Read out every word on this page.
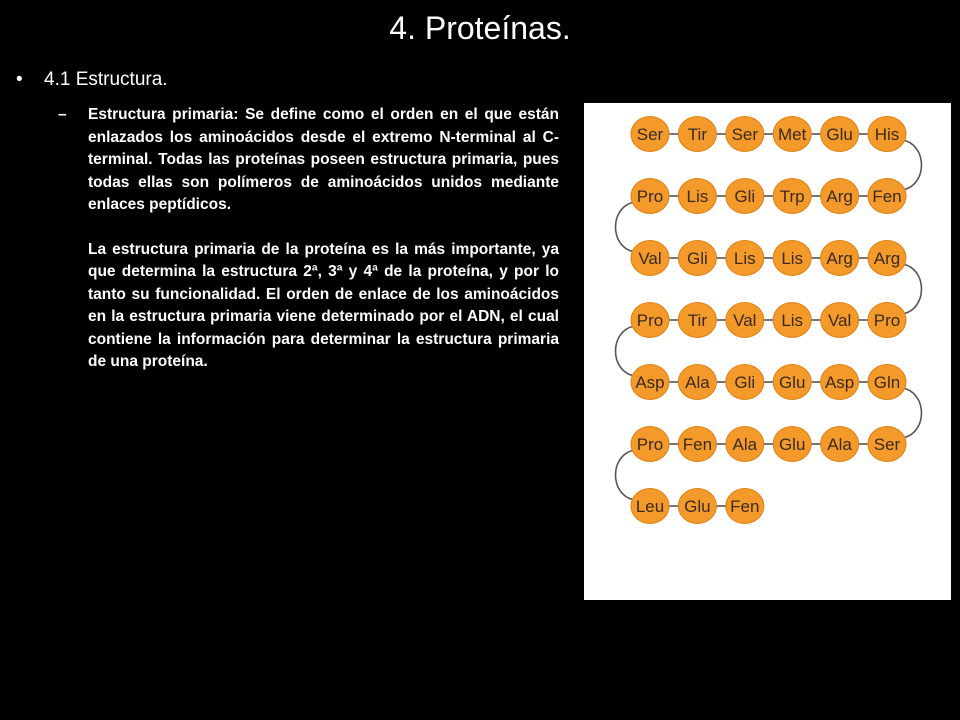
4. Proteínas.
• 4.1 Estructura.
– Estructura primaria: Se define como el orden en el que están enlazados los aminoácidos desde el extremo N-terminal al C-terminal. Todas las proteínas poseen estructura primaria, pues todas ellas son polímeros de aminoácidos unidos mediante enlaces peptídicos.
La estructura primaria de la proteína es la más importante, ya que determina la estructura 2ª, 3ª y 4ª de la proteína, y por lo tanto su funcionalidad. El orden de enlace de los aminoácidos en la estructura primaria viene determinado por el ADN, el cual contiene la información para determinar la estructura primaria de una proteína.
Ser Tir Ser Met Glu His
Pro Lis Gli Trp Arg Fen
Val Gli Lis Lis Arg Arg
Pro Tir Val Lis Val Pro
Asp Ala Gli Glu Asp Gln
Pro Fen Ala Glu Ala Ser
Leu Glu Fen
